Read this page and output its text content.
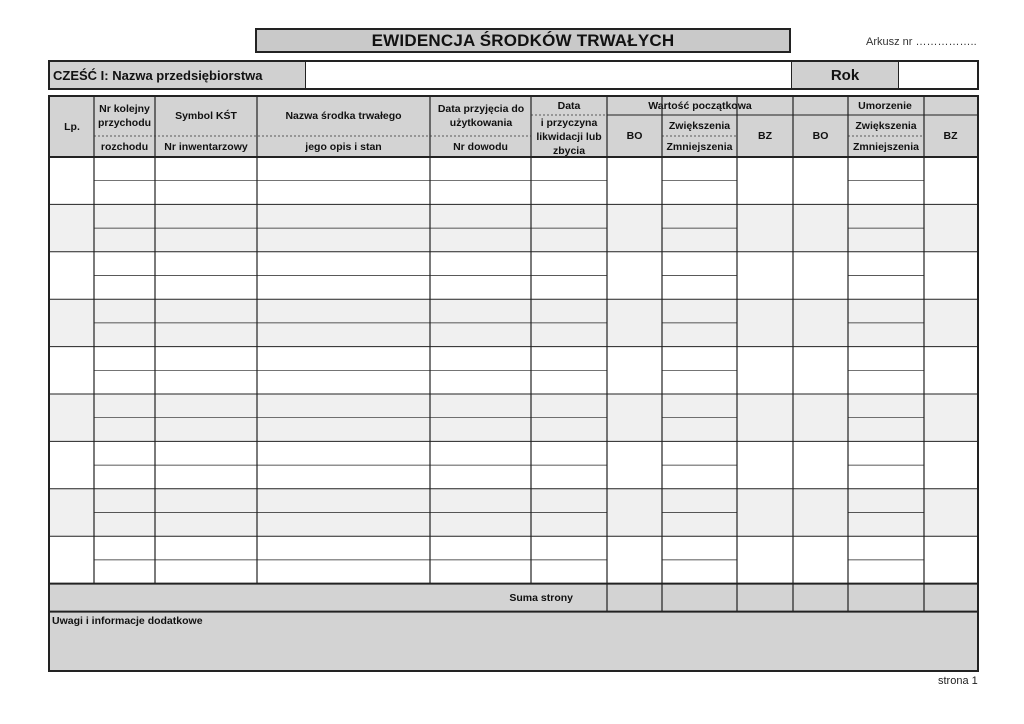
EWIDENCJA ŚRODKÓW TRWAŁYCH	Arkusz nr ……………..
CZEŚĆ I: Nazwa przedsiębiorstwa	Rok
Lp.
Nr kolejny przychodu
rozchodu
Symbol KŚT
Nr inwentarzowy
Nazwa środka trwałego
jego opis i stan
Data przyjęcia do użytkowania
Nr dowodu
Data
i przyczyna likwidacji lub zbycia
Wartość początkowa
BO
Zwiększenia
Zmniejszenia
BZ
Umorzenie
BO
Zwiększenia
Zmniejszenia
BZ
Suma strony
Uwagi i informacje dodatkowe
strona 1
